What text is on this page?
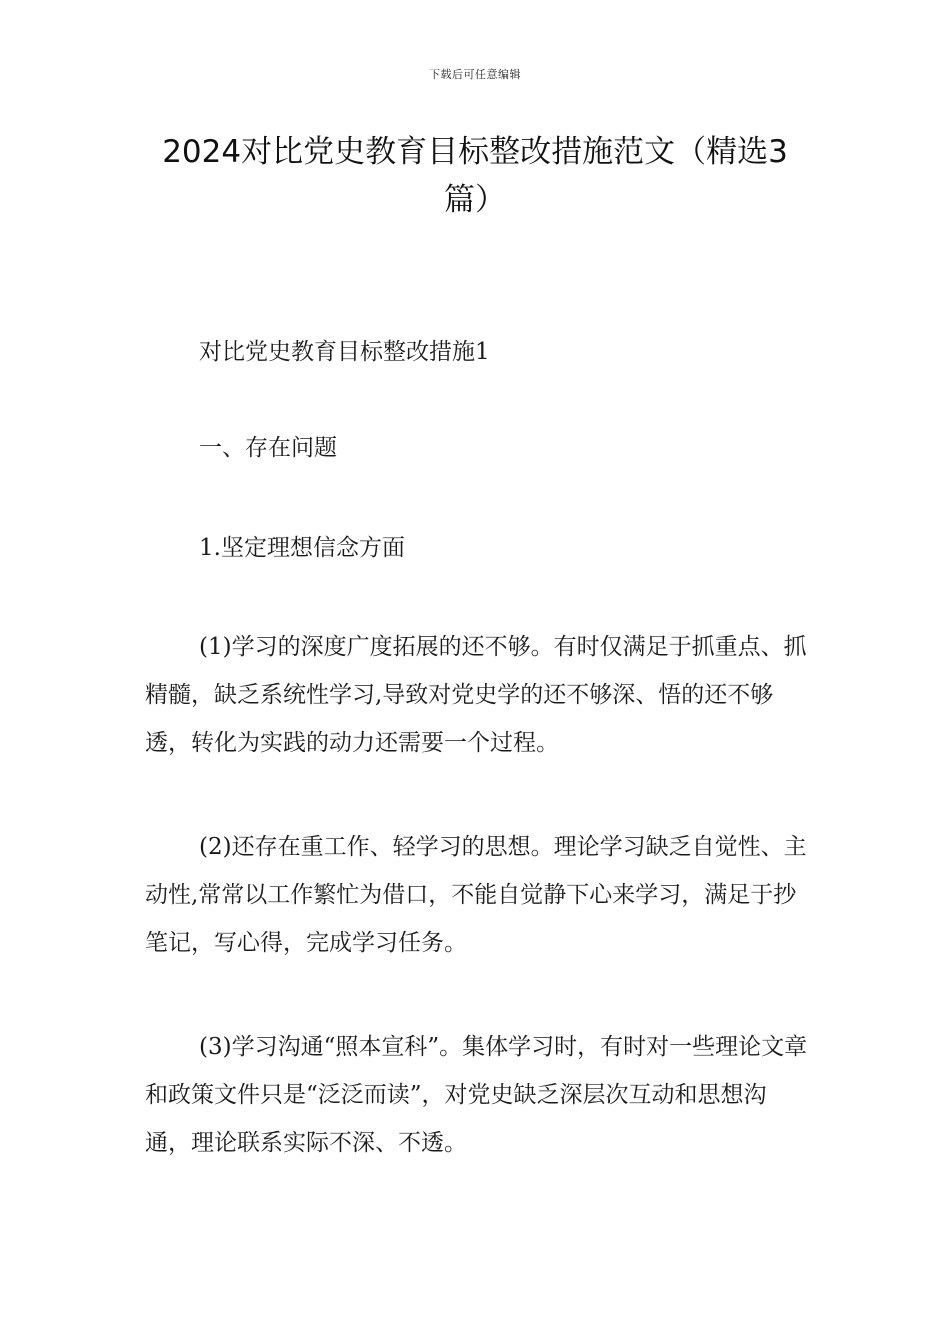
下载后可任意编辑
2024对比党史教育目标整改措施范文（精选3篇）

对比党史教育目标整改措施1

一、存在问题

1.坚定理想信念方面

(1)学习的深度广度拓展的还不够。有时仅满足于抓重点、抓精髓，缺乏系统性学习,导致对党史学的还不够深、悟的还不够透，转化为实践的动力还需要一个过程。

(2)还存在重工作、轻学习的思想。理论学习缺乏自觉性、主动性,常常以工作繁忙为借口，不能自觉静下心来学习，满足于抄笔记，写心得，完成学习任务。

(3)学习沟通“照本宣科”。集体学习时，有时对一些理论文章和政策文件只是“泛泛而读”，对党史缺乏深层次互动和思想沟通，理论联系实际不深、不透。
